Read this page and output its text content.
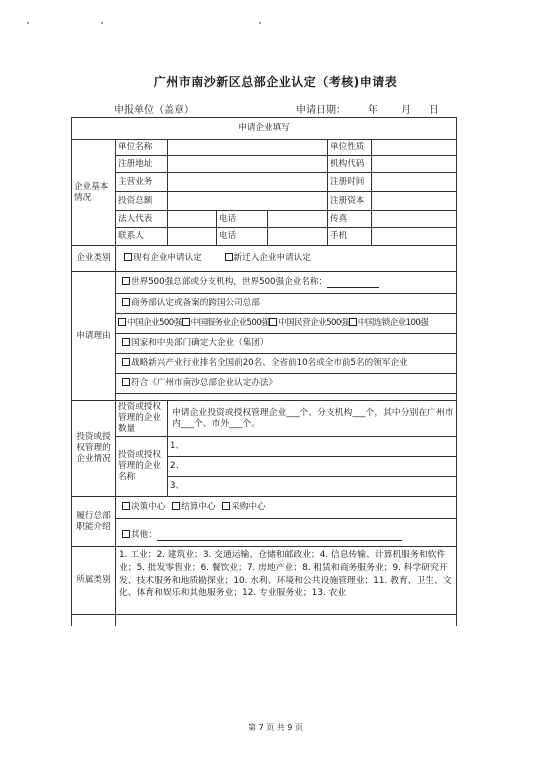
广州市南沙新区总部企业认定（考核)申请表
申报单位（盖章）	申请日期： 年 月 日
申请企业填写						
企业基本情况	单位名称				单位性质	
	注册地址				机构代码	
	主营业务				注册时间	
	投资总额				注册资本	
	法人代表		电话		传真	
	联系人		电话		手机	
企业类别	现有企业申请认定 新迁入企业申请认定					
申请理由	世界500强总部或分支机构，世界500强企业名称：					
	商务部认定或备案的跨国公司总部					
	中国企业500强 中国服务业企业500强 中国民营企业500强 中国连锁企业100强					
	国家和中央部门确定大企业（集团）					
	战略新兴产业行业排名全国前20名、全省前10名或全市前5名的领军企业					
	符合《广州市南沙总部企业认定办法》					

投资或授权管理的企业情况	投资或授权管理的企业数量	申请企业投资或授权管理企业___个、分支机构___个，其中分别在广州市内___个、市外___个。				
	投资或授权管理的企业名称	1、				
		2、				
		3、				
履行总部职能介绍	决策中心 结算中心 采购中心					

	其他：					
所属类别	1. 工业；2. 建筑业；3. 交通运输、仓储和邮政业；4. 信息传输、计算机服务和软件业；5. 批发零售业；6. 餐饮业；7. 房地产业；8. 租赁和商务服务业；9. 科学研究开发、技术服务和地质勘探业；10. 水利、环境和公共设施管理业；11. 教育、卫生、文化、体育和娱乐和其他服务业；12. 专业服务业；13. 农业					

第 7 页 共 9 页
